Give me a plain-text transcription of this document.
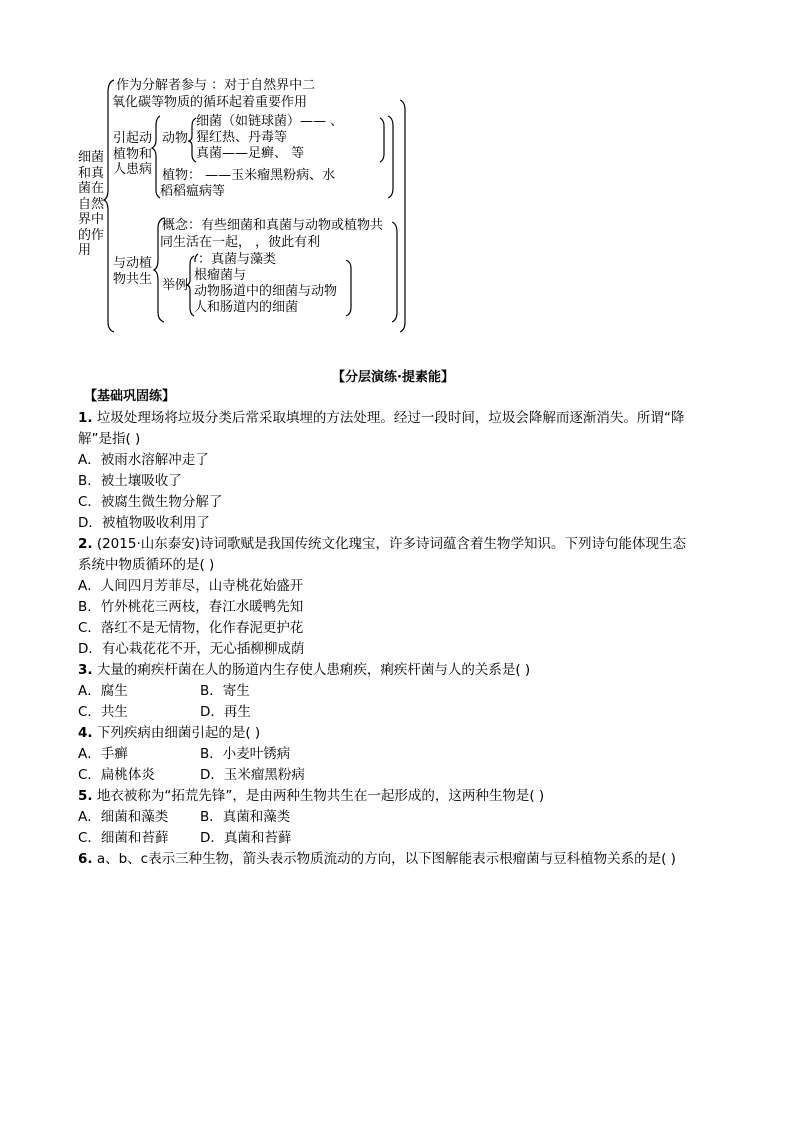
细菌
和真
菌在
自然
界中
的作
用
作为分解者参与 ：对于自然界中二
氧化碳等物质的循环起着重要作用
引起动
植物和
人患病
动物
细菌（如链球菌）—— 、
猩红热、丹毒等
真菌——足癣、 等
植物： ——玉米瘤黑粉病、水
稻稻瘟病等
与动植
物共生
概念：有些细菌和真菌与动物或植物共
同生活在一起， ，彼此有利
举例
：真菌与藻类
根瘤菌与
动物肠道中的细菌与动物
人和肠道内的细菌
【分层演练·提素能】
【基础巩固练】
1. 垃圾处理场将垃圾分类后常采取填埋的方法处理。经过一段时间，垃圾会降解而逐渐消失。所谓“降
解”是指( )
A．被雨水溶解冲走了
B．被土壤吸收了
C．被腐生微生物分解了
D．被植物吸收利用了
2. (2015·山东泰安)诗词歌赋是我国传统文化瑰宝，许多诗词蕴含着生物学知识。下列诗句能体现生态
系统中物质循环的是( )
A．人间四月芳菲尽，山寺桃花始盛开
B．竹外桃花三两枝，春江水暖鸭先知
C．落红不是无情物，化作春泥更护花
D．有心栽花花不开，无心插柳柳成荫
3. 大量的痢疾杆菌在人的肠道内生存使人患痢疾，痢疾杆菌与人的关系是( )
A．腐生	B．寄生
C．共生	D．再生
4. 下列疾病由细菌引起的是( )
A．手癣	B．小麦叶锈病
C．扁桃体炎	D．玉米瘤黑粉病
5. 地衣被称为“拓荒先锋”，是由两种生物共生在一起形成的，这两种生物是( )
A．细菌和藻类 B．真菌和藻类
C．细菌和苔藓 D．真菌和苔藓
6. a、b、c表示三种生物，箭头表示物质流动的方向，以下图解能表示根瘤菌与豆科植物关系的是( )
